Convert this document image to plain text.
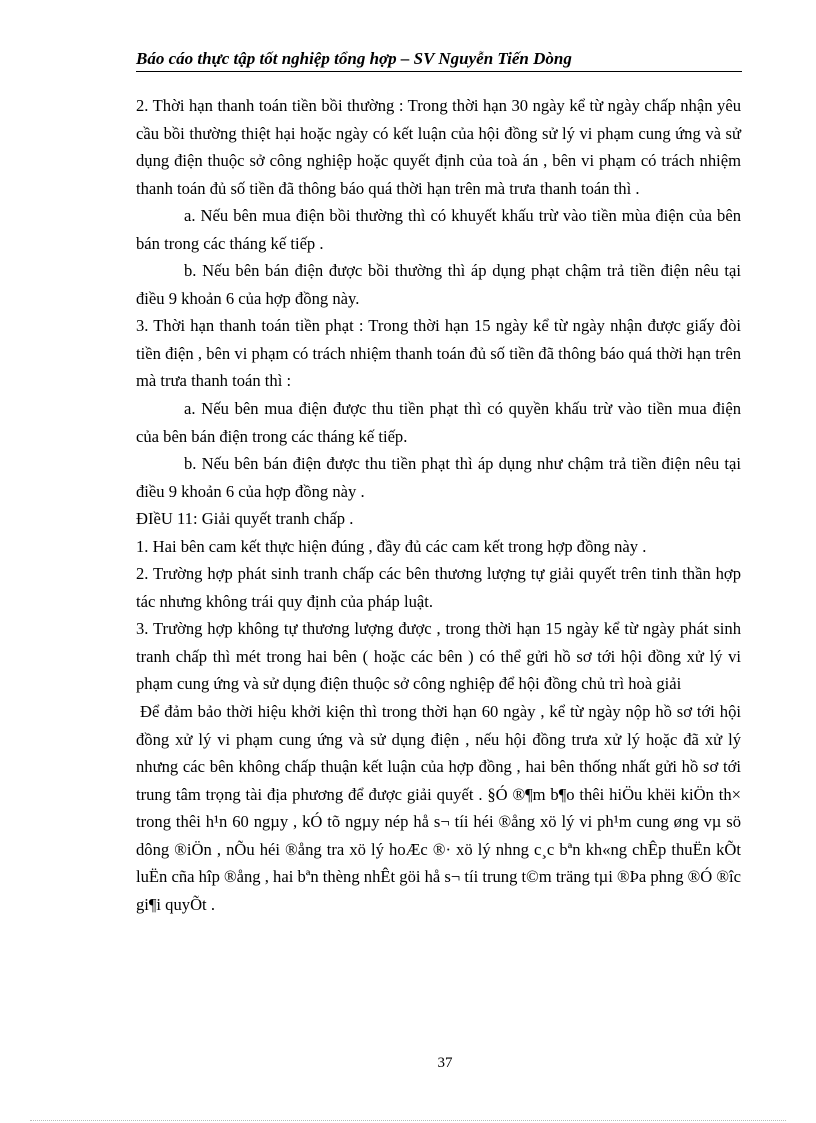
Báo cáo thực tập tốt nghiệp tổng hợp – SV Nguyễn Tiến Dòng

2. Thời hạn thanh toán tiền bồi thường : Trong thời hạn 30 ngày kể từ ngày chấp nhận yêu cầu bồi thường thiệt hại hoặc ngày có kết luận của hội đồng sử lý vi phạm cung ứng và sử dụng điện thuộc sở công nghiệp hoặc quyết định của toà án , bên vi phạm có trách nhiệm thanh toán đủ số tiền đã thông báo quá thời hạn trên mà trưa thanh toán thì .

a. Nếu bên mua điện bồi thường thì có khuyết khấu trừ vào tiền mùa điện của bên bán trong các tháng kế tiếp .

b. Nếu bên bán điện được bồi thường thì áp dụng phạt chậm trả tiền điện nêu tại điều 9 khoản 6 của hợp đồng này.

3. Thời hạn thanh toán tiền phạt : Trong thời hạn 15 ngày kể từ ngày nhận được giấy đòi tiền điện , bên vi phạm có trách nhiệm thanh toán đủ số tiền đã thông báo quá thời hạn trên mà trưa thanh toán thì :

a. Nếu bên mua điện được thu tiền phạt thì có quyền khấu trừ vào tiền mua điện của bên bán điện trong các tháng kế tiếp.

b. Nếu bên bán điện được thu tiền phạt thì áp dụng như chậm trả tiền điện nêu tại điều 9 khoản 6 của hợp đồng này .

ĐIềU 11: Giải quyết tranh chấp .

1. Hai bên cam kết thực hiện đúng , đầy đủ các cam kết trong hợp đồng này .

2. Trường hợp phát sinh tranh chấp các bên thương lượng tự giải quyết trên tinh thần hợp tác nhưng không trái quy định của pháp luật.

3. Trường hợp không tự thương lượng được , trong thời hạn 15 ngày kể từ ngày phát sinh tranh chấp thì mét trong hai bên ( hoặc các bên ) có thể gửi hồ sơ tới hội đồng xử lý vi phạm cung ứng và sử dụng điện thuộc sở công nghiệp để hội đồng chủ trì hoà giải

Để đảm bảo thời hiệu khởi kiện thì trong thời hạn 60 ngày , kể từ ngày nộp hồ sơ tới hội đồng xử lý vi phạm cung ứng và sử dụng điện , nếu hội đồng trưa xử lý hoặc đã xử lý nhưng các bên không chấp thuận kết luận của hợp đồng , hai bên thống nhất gửi hồ sơ tới trung tâm trọng tài địa phương để được giải quyết . §Ó ®¶m b¶o thêi hiÖu khëi kiÖn th× trong thêi h¹n 60 ngµy , kÓ tõ ngµy nép hå s¬ tíi héi ®ång xö lý vi ph¹m cung øng vµ sö dông ®iÖn , nÕu héi ®ång tra xö lý hoÆc ®· xö lý nhng c¸c bªn kh«ng chÊp thuËn kÕt luËn cña hîp ®ång , hai bªn thèng nhÊt göi hå s¬ tíi trung t©m träng tµi ®Þa phng ®Ó ®îc gi¶i quyÕt .

37
